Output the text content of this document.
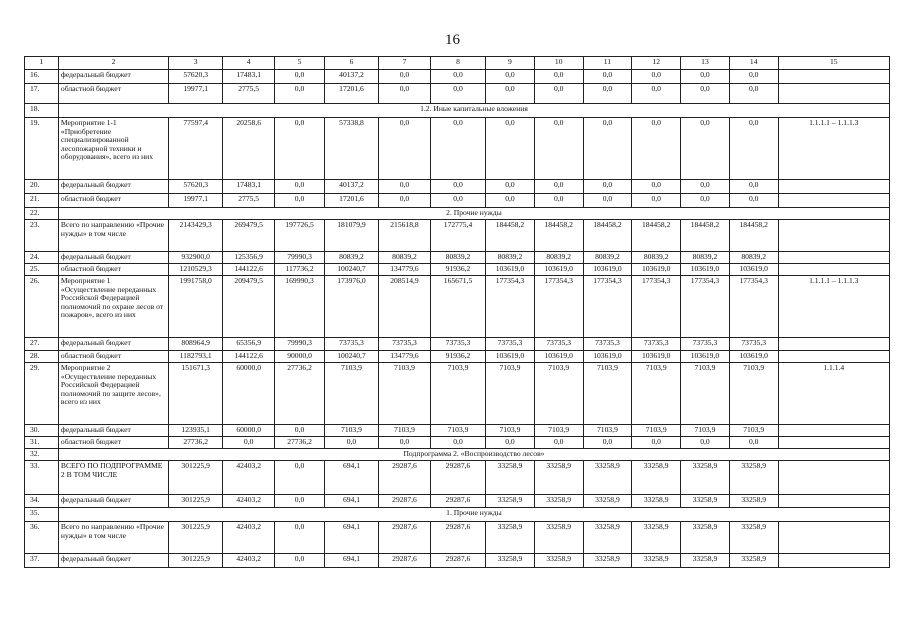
16
1	2	3	4	5	6	7	8	9	10	11	12	13	14	15
16.	федеральный бюджет	57620,3	17483,1	0,0	40137,2	0,0	0,0	0,0	0,0	0,0	0,0	0,0	0,0	
17.	областной бюджет	19977,1	2775,5	0,0	17201,6	0,0	0,0	0,0	0,0	0,0	0,0	0,0	0,0	
18.	1.2. Иные капитальные вложения													
19.	Мероприятие 1-1 «Приобретение специализированной лесопожарной техники и оборудования», всего из них	77597,4	20258,6	0,0	57338,8	0,0	0,0	0,0	0,0	0,0	0,0	0,0	0,0	1.1.1.1 – 1.1.1.3
20.	федеральный бюджет	57620,3	17483,1	0,0	40137,2	0,0	0,0	0,0	0,0	0,0	0,0	0,0	0,0	
21.	областной бюджет	19977,1	2775,5	0,0	17201,6	0,0	0,0	0,0	0,0	0,0	0,0	0,0	0,0	
22.	2. Прочие нужды													
23.	Всего по направлению «Прочие нужды» в том числе	2143429,3	269479,5	197726,5	181079,9	215618,8	172775,4	184458,2	184458,2	184458,2	184458,2	184458,2	184458,2	
24.	федеральный бюджет	932900,0	125356,9	79990,3	80839,2	80839,2	80839,2	80839,2	80839,2	80839,2	80839,2	80839,2	80839,2	
25.	областной бюджет	1210529,3	144122,6	117736,2	100240,7	134779,6	91936,2	103619,0	103619,0	103619,0	103619,0	103619,0	103619,0	
26.	Мероприятие 1 «Осуществление переданных Российской Федерацией полномочий по охране лесов от пожаров», всего из них	1991758,0	209479,5	169990,3	173976,0	208514,9	165671,5	177354,3	177354,3	177354,3	177354,3	177354,3	177354,3	1.1.1.1 – 1.1.1.3
27.	федеральный бюджет	808964,9	65356,9	79990,3	73735,3	73735,3	73735,3	73735,3	73735,3	73735,3	73735,3	73735,3	73735,3	
28.	областной бюджет	1182793,1	144122,6	90000,0	100240,7	134779,6	91936,2	103619,0	103619,0	103619,0	103619,0	103619,0	103619,0	
29.	Мероприятие 2 «Осуществление переданных Российской Федерацией полномочий по защите лесов», всего из них	151671,3	60000,0	27736,2	7103,9	7103,9	7103,9	7103,9	7103,9	7103,9	7103,9	7103,9	7103,9	1.1.1.4
30.	федеральный бюджет	123935,1	60000,0	0,0	7103,9	7103,9	7103,9	7103,9	7103,9	7103,9	7103,9	7103,9	7103,9	
31.	областной бюджет	27736,2	0,0	27736,2	0,0	0,0	0,0	0,0	0,0	0,0	0,0	0,0	0,0	
32.	Подпрограмма 2. «Воспроизводство лесов»													
33.	ВСЕГО ПО ПОДПРОГРАММЕ 2 В ТОМ ЧИСЛЕ	301225,9	42403,2	0,0	694,1	29287,6	29287,6	33258,9	33258,9	33258,9	33258,9	33258,9	33258,9	
34.	федеральный бюджет	301225,9	42403,2	0,0	694,1	29287,6	29287,6	33258,9	33258,9	33258,9	33258,9	33258,9	33258,9	
35.	1. Прочие нужды													
36.	Всего по направлению «Прочие нужды» в том числе	301225,9	42403,2	0,0	694,1	29287,6	29287,6	33258,9	33258,9	33258,9	33258,9	33258,9	33258,9	
37.	федеральный бюджет	301225,9	42403,2	0,0	694,1	29287,6	29287,6	33258,9	33258,9	33258,9	33258,9	33258,9	33258,9	
